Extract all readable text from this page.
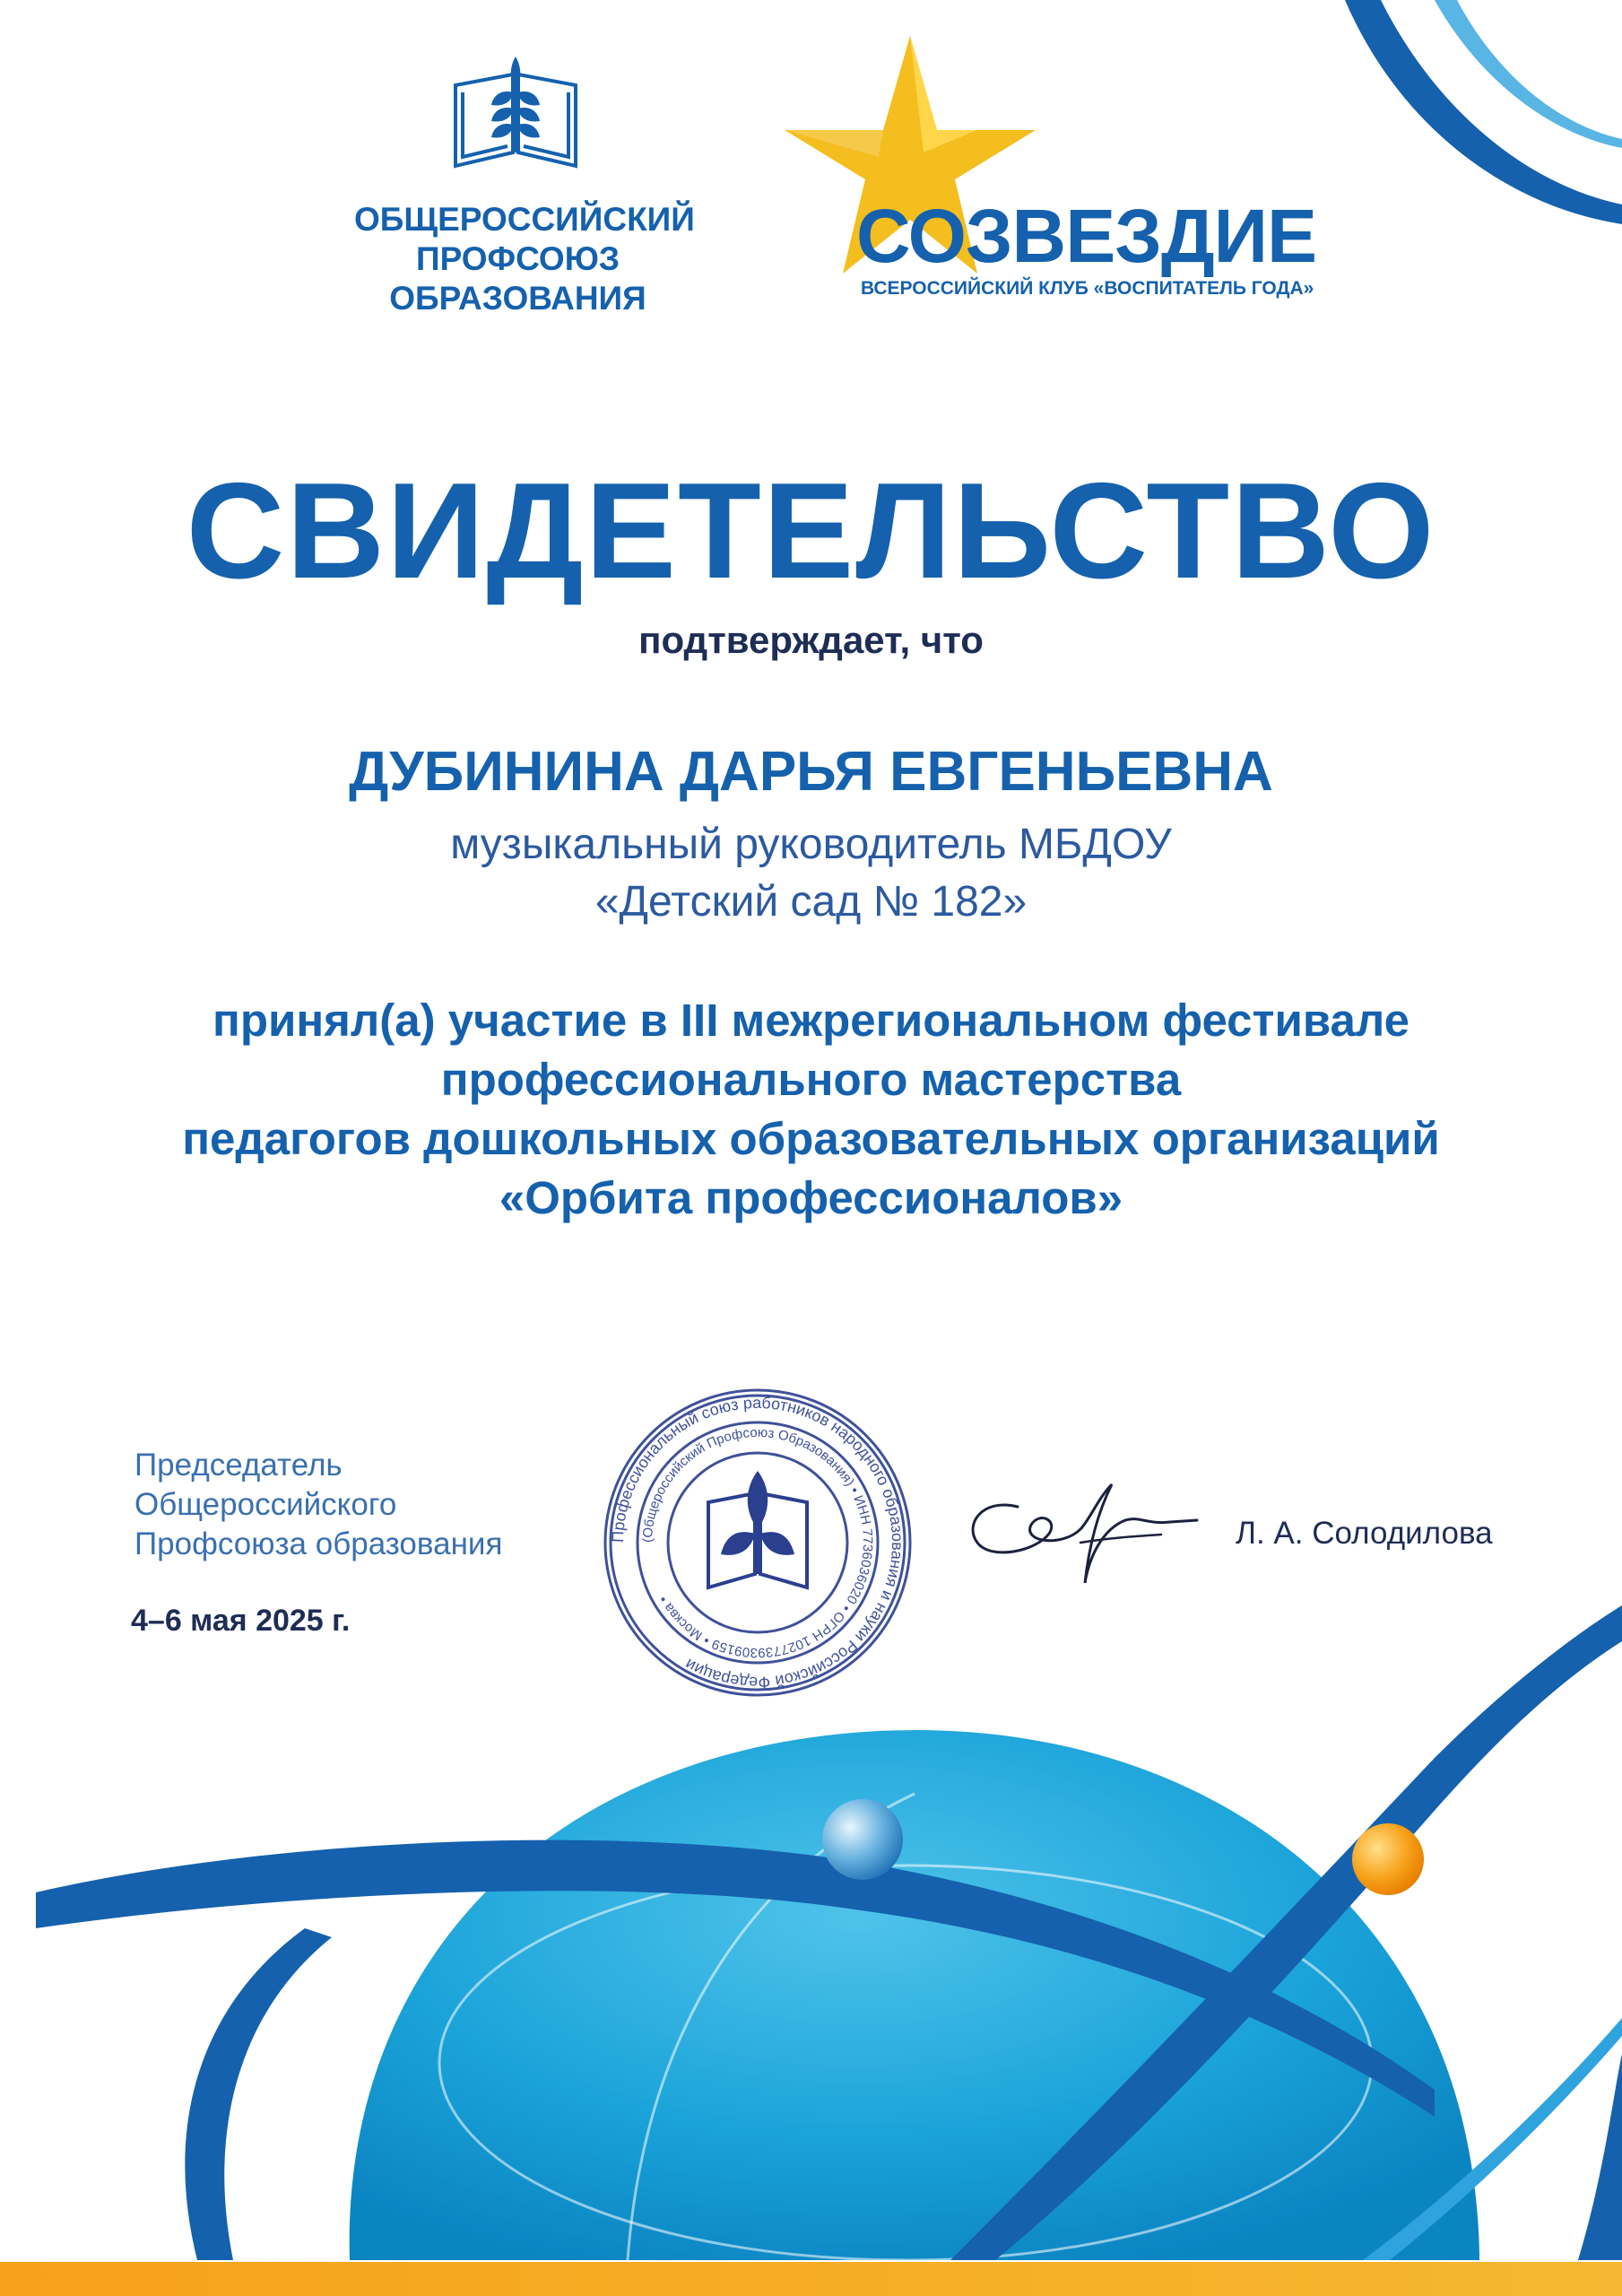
ОБЩЕРОССИЙСКИЙ
ПРОФСОЮЗ
ОБРАЗОВАНИЯ
СОЗВЕЗДИЕ
ВСЕРОССИЙСКИЙ КЛУБ «ВОСПИТАТЕЛЬ ГОДА»
СВИДЕТЕЛЬСТВО
подтверждает, что
ДУБИНИНА ДАРЬЯ ЕВГЕНЬЕВНА
музыкальный руководитель МБДОУ
«Детский сад № 182»
принял(а) участие в III межрегиональном фестивале
профессионального мастерства
педагогов дошкольных образовательных организаций
«Орбита профессионалов»
Председатель
Общероссийского
Профсоюза образования
4–6 мая 2025 г.
Профессиональный союз работников народного образования и науки Российской Федерации
(Общероссийский Профсоюз Образования) • ИНН 7736036020 • ОГРН 1027739309159 • Москва •
Л. А. Солодилова
